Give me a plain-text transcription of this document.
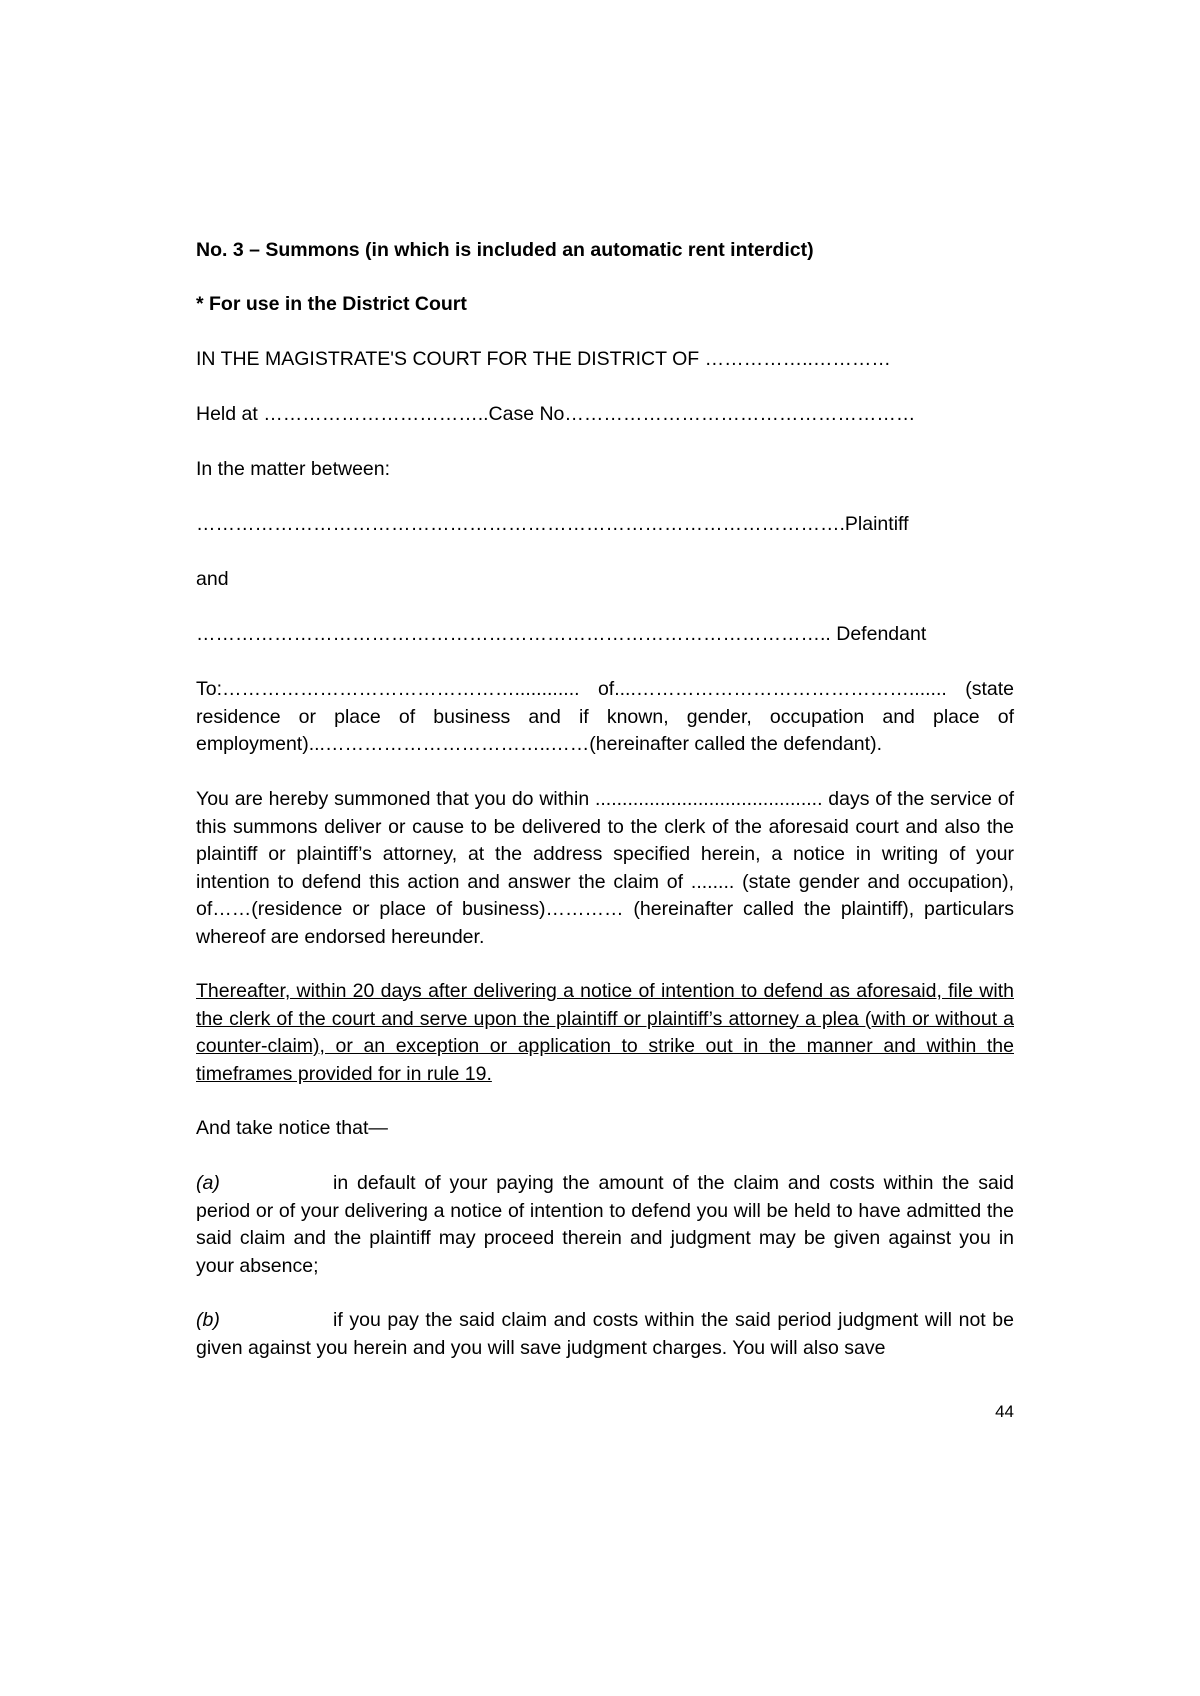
No. 3 – Summons (in which is included an automatic rent interdict)
* For use in the District Court
IN THE MAGISTRATE'S COURT FOR THE DISTRICT OF ……………..…………
Held at ……………………………..Case No………………………………………………
In the matter between:
……………………………………………………………………………………….Plaintiff
and
…………………………………………………………………………………….. Defendant
To:………………………………………............ of....……………………………………....... (state residence or place of business and if known, gender, occupation and place of employment)...……………………………..……(hereinafter called the defendant).
You are hereby summoned that you do within .......................................... days of the service of this summons deliver or cause to be delivered to the clerk of the aforesaid court and also the plaintiff or plaintiff’s attorney, at the address specified herein, a notice in writing of your intention to defend this action and answer the claim of ........ (state gender and occupation), of……(residence or place of business)………… (hereinafter called the plaintiff), particulars whereof are endorsed hereunder.
Thereafter, within 20 days after delivering a notice of intention to defend as aforesaid, file with the clerk of the court and serve upon the plaintiff or plaintiff’s attorney a plea (with or without a counter-claim), or an exception or application to strike out in the manner and within the timeframes provided for in rule 19.
And take notice that—
(a)	in default of your paying the amount of the claim and costs within the said period or of your delivering a notice of intention to defend you will be held to have admitted the said claim and the plaintiff may proceed therein and judgment may be given against you in your absence;
(b)	if you pay the said claim and costs within the said period judgment will not be given against you herein and you will save judgment charges. You will also save
44
